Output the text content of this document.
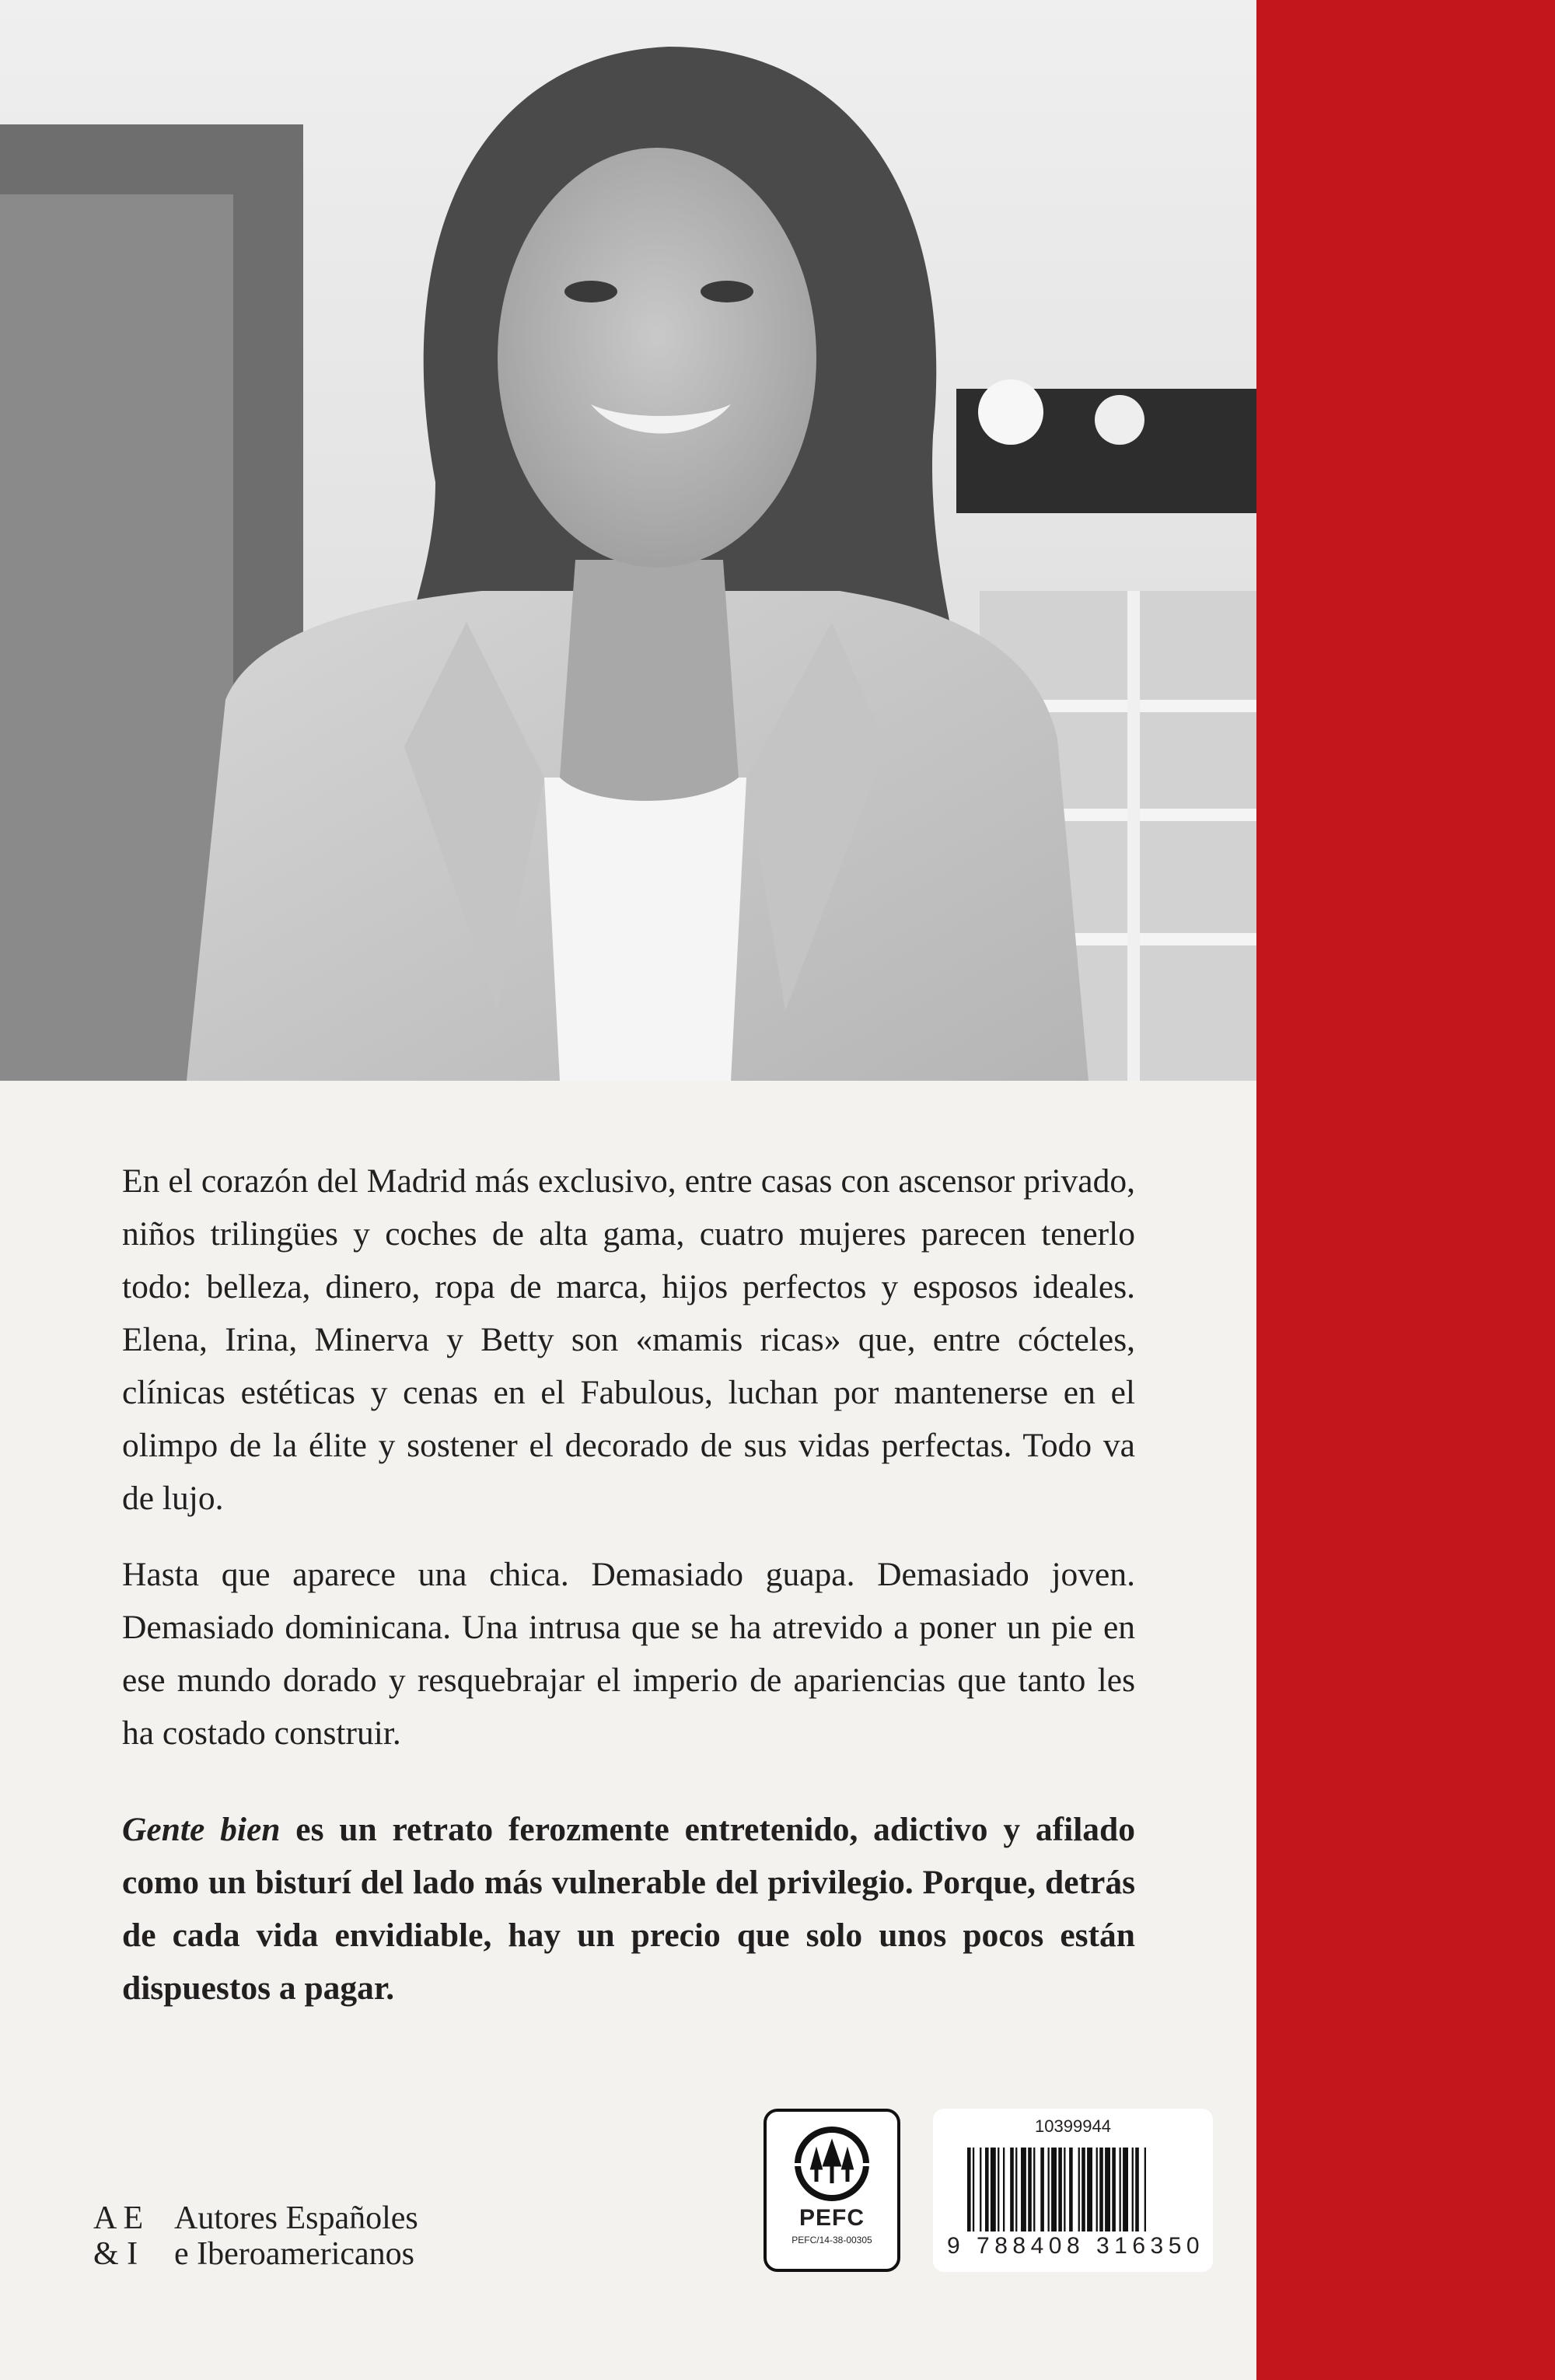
En el corazón del Madrid más exclusivo, entre casas con ascensor privado, niños trilingües y coches de alta gama, cuatro mujeres parecen tenerlo todo: belleza, dinero, ropa de marca, hijos perfectos y esposos ideales. Elena, Irina, Minerva y Betty son «mamis ricas» que, entre cócteles, clínicas estéticas y cenas en el Fabulous, luchan por mantenerse en el olimpo de la élite y sostener el decorado de sus vidas perfectas. Todo va de lujo.

Hasta que aparece una chica. Demasiado guapa. Demasiado joven. Demasiado dominicana. Una intrusa que se ha atrevido a poner un pie en ese mundo dorado y resquebrajar el imperio de apariencias que tanto les ha costado construir.

Gente bien es un retrato ferozmente entretenido, adictivo y afilado como un bisturí del lado más vulnerable del privilegio. Porque, detrás de cada vida envidiable, hay un precio que solo unos pocos están dispuestos a pagar.

PEFC
PEFC/14-38-00305
10399944
9 788408 316350
A E
& I
Autores Españoles
e Iberoamericanos
